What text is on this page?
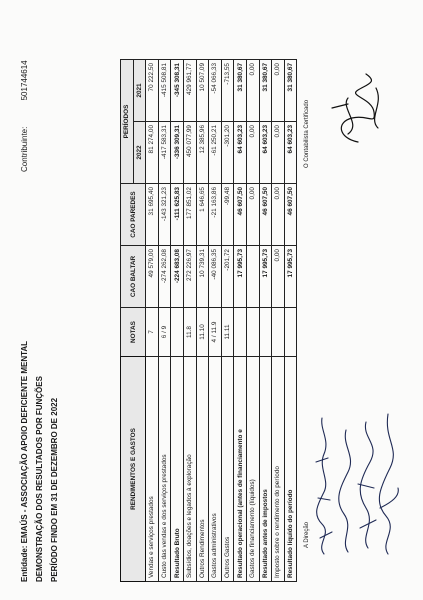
Entidade: EMAÚS - ASSOCIAÇÃO APOIO DEFICIENTE MENTAL DEMONSTRAÇÃO DOS RESULTADOS POR FUNÇÕES PERÍODO FINDO EM 31 DE DEZEMBRO DE 2022
Contribuinte: 501744614
RENDIMENTOS E GASTOS	NOTAS	CAO BALTAR	CAO PAREDES	PERÍODOS	
				2022	2021
Vendas e serviços prestados	7	49 579,00	31 695,40	81 274,00	70 222,50
Custo das vendas e dos serviços prestados	6 / 9	-274 262,08	-143 321,23	-417 583,31	-415 508,81
Resultado Bruto		-224 683,08	-111 625,83	-336 309,31	-345 308,31
Subsídios, doações e legados à exploração	11.8	272 226,97	177 851,02	450 077,99	429 961,77
Outros Rendimentos	11.10	10 739,31	1 646,65	12 385,96	10 507,09
Gastos administrativos	4 / 11.9	-40 086,35	-21 163,86	-61 250,21	-54 066,33
Outros Gastos	11.11	-201,72	-99,48	-301,20	-713,55
Resultado operacional (antes de financiamento e		17 995,73	46 607,50	64 603,23	31 380,67
Gastos de financiamento (líquidos)			0,00	0,00	0,00
Resultado antes de impostos		17 995,73	46 607,50	64 603,23	31 380,67
Imposto sobre o rendimento do período		0,00	0,00	0,00	0,00
Resultado líquido do período		17 995,73	46 607,50	64 603,23	31 380,67
A Direção
O Contabilista Certificado
